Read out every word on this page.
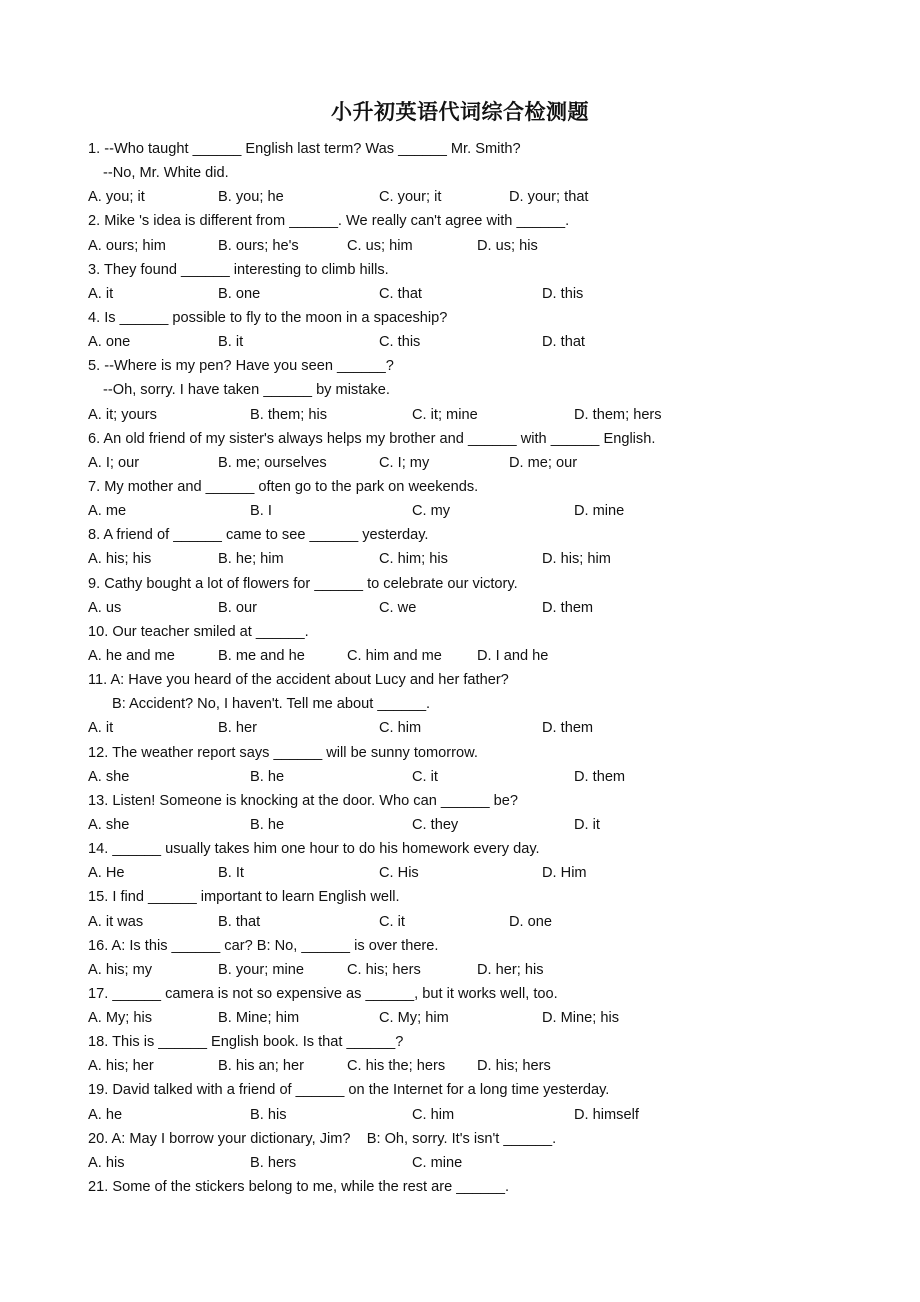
小升初英语代词综合检测题
1. --Who taught ______ English last term? Was ______ Mr. Smith?
--No, Mr. White did.
A. you; it	B. you; he	C. your; it	D. your; that
2. Mike 's idea is different from ______. We really can't agree with ______.
A. ours; him	B. ours; he's	C. us; him	D. us; his
3. They found ______ interesting to climb hills.
A. it	B. one	C. that	D. this
4. Is ______ possible to fly to the moon in a spaceship?
A. one	B. it	C. this	D. that
5. --Where is my pen? Have you seen ______?
--Oh, sorry. I have taken ______ by mistake.
A. it; yours	B. them; his	C. it; mine	D. them; hers
6. An old friend of my sister's always helps my brother and ______ with ______ English.
A. I; our	B. me; ourselves	C. I; my	D. me; our
7. My mother and ______ often go to the park on weekends.
A. me	B. I	C. my	D. mine
8. A friend of ______ came to see ______ yesterday.
A. his; his	B. he; him	C. him; his	D. his; him
9. Cathy bought a lot of flowers for ______ to celebrate our victory.
A. us	B. our	C. we	D. them
10. Our teacher smiled at ______.
A. he and me	B. me and he	C. him and me D. I and he
11. A: Have you heard of the accident about Lucy and her father?
B: Accident? No, I haven't. Tell me about ______.
A. it	B. her	C. him	D. them
12. The weather report says ______ will be sunny tomorrow.
A. she	B. he	C. it	D. them
13. Listen! Someone is knocking at the door. Who can ______ be?
A. she	B. he	C. they	D. it
14. ______ usually takes him one hour to do his homework every day.
A. He	B. It	C. His	D. Him
15. I find ______ important to learn English well.
A. it was	B. that	C. it	D. one
16. A: Is this ______ car? B: No, ______ is over there.
A. his; my	B. your; mine	C. his; hers	D. her; his
17. ______ camera is not so expensive as ______, but it works well, too.
A. My; his	B. Mine; him	C. My; him	D. Mine; his
18. This is ______ English book. Is that ______?
A. his; her	B. his an; her	C. his the; hers D. his; hers
19. David talked with a friend of ______ on the Internet for a long time yesterday.
A. he	B. his	C. him	D. himself
20. A: May I borrow your dictionary, Jim?    B: Oh, sorry. It's isn't ______.
A. his	B. hers	C. mine
21. Some of the stickers belong to me, while the rest are ______.
